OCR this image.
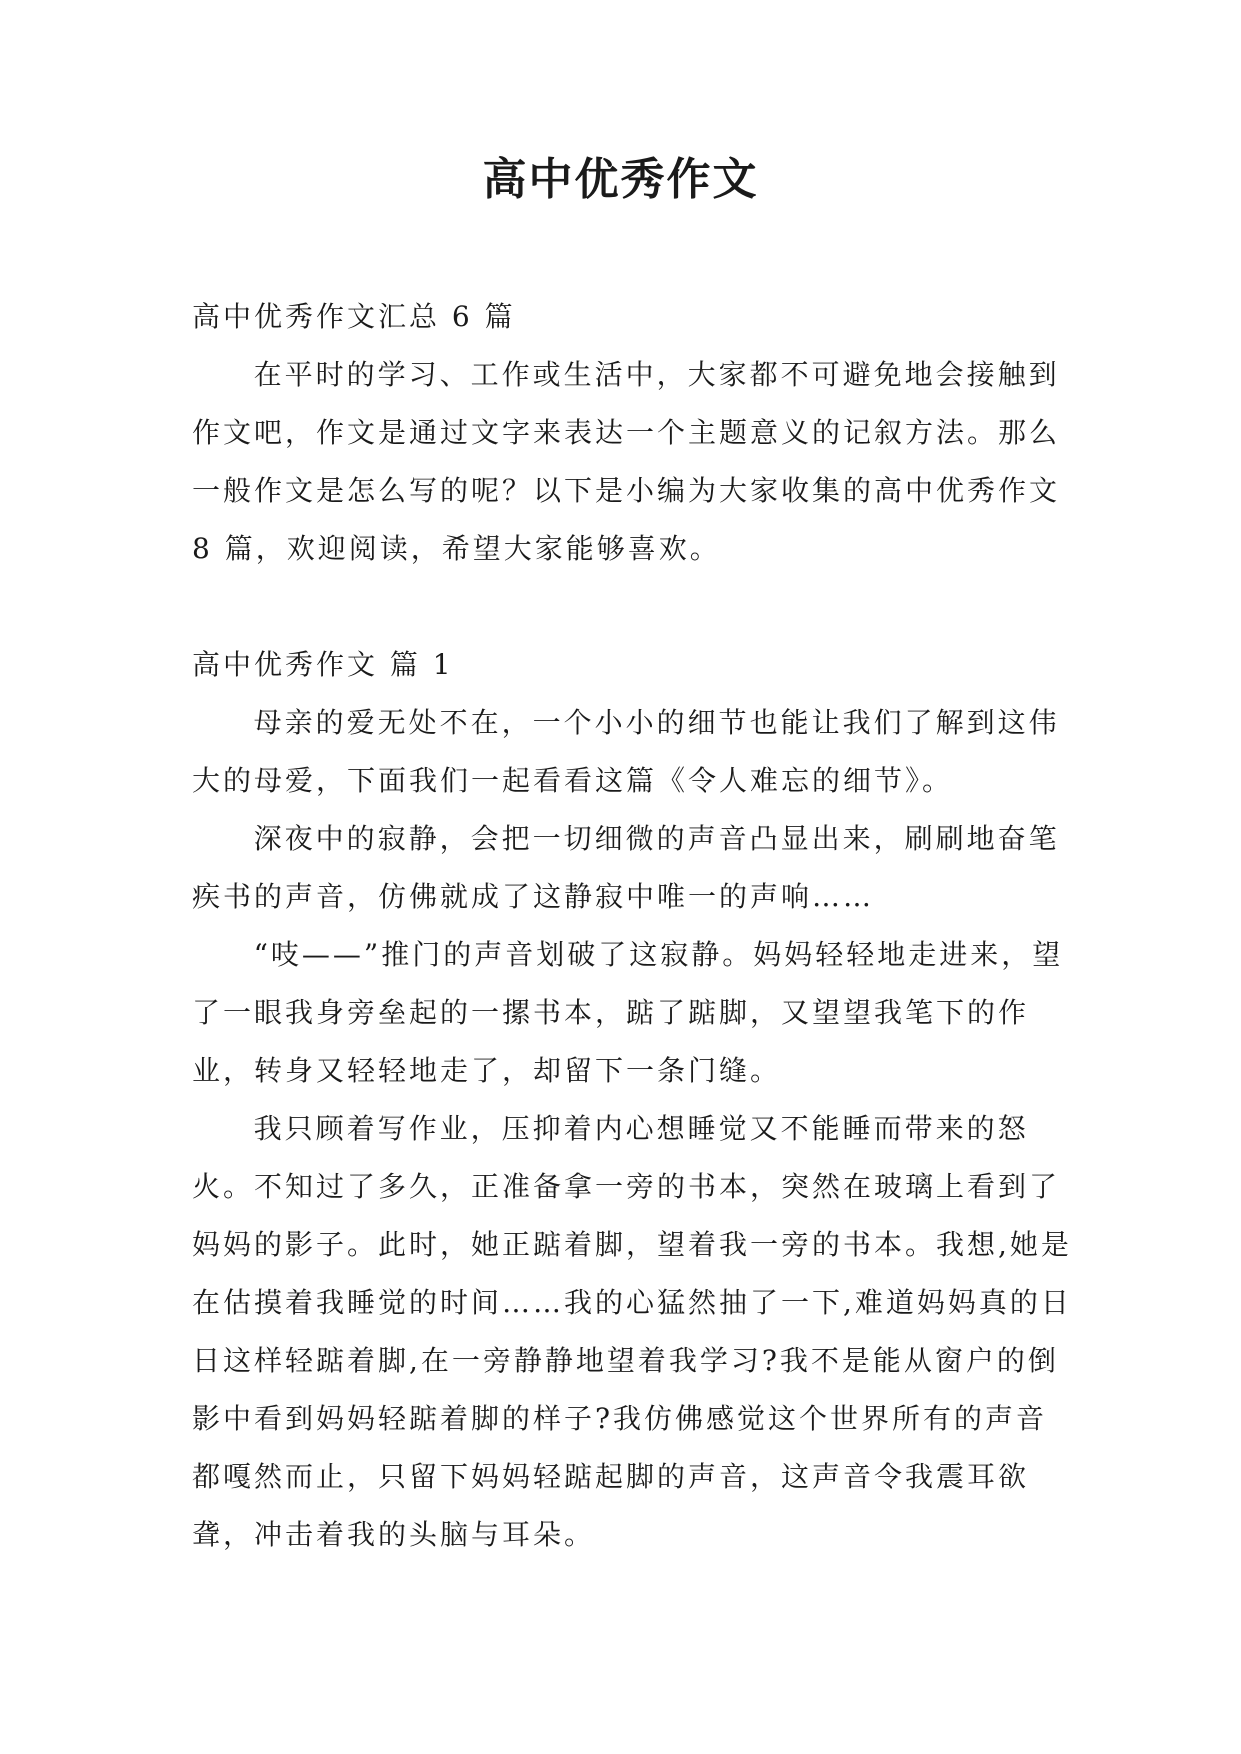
高中优秀作文

高中优秀作文汇总 6 篇

在平时的学习、工作或生活中，大家都不可避免地会接触到作文吧，作文是通过文字来表达一个主题意义的记叙方法。那么一般作文是怎么写的呢？以下是小编为大家收集的高中优秀作文 8 篇，欢迎阅读，希望大家能够喜欢。

高中优秀作文 篇 1

母亲的爱无处不在，一个小小的细节也能让我们了解到这伟大的母爱，下面我们一起看看这篇《令人难忘的细节》。

深夜中的寂静，会把一切细微的声音凸显出来，刷刷地奋笔疾书的声音，仿佛就成了这静寂中唯一的声响……

“吱——”推门的声音划破了这寂静。妈妈轻轻地走进来，望了一眼我身旁垒起的一摞书本，踮了踮脚，又望望我笔下的作业，转身又轻轻地走了，却留下一条门缝。

我只顾着写作业，压抑着内心想睡觉又不能睡而带来的怒火。不知过了多久，正准备拿一旁的书本，突然在玻璃上看到了妈妈的影子。此时，她正踮着脚，望着我一旁的书本。我想,她是在估摸着我睡觉的时间……我的心猛然抽了一下,难道妈妈真的日日这样轻踮着脚,在一旁静静地望着我学习?我不是能从窗户的倒影中看到妈妈轻踮着脚的样子?我仿佛感觉这个世界所有的声音都嘎然而止，只留下妈妈轻踮起脚的声音，这声音令我震耳欲聋，冲击着我的头脑与耳朵。
